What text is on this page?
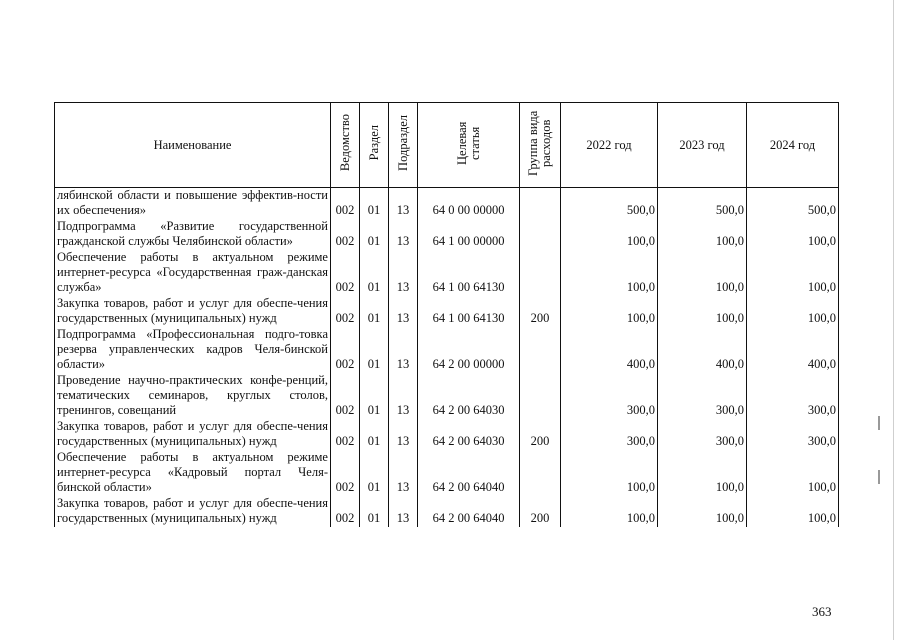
Наименование	Ведомство	Раздел	Подраздел	Целевая статья	Группа вида расходов	2022 год	2023 год	2024 год
лябинской области и повышение эффектив-ности их обеспечения»	002	01	13	64 0 00 00000		500,0	500,0	500,0
Подпрограмма «Развитие государственной гражданской службы Челябинской области»	002	01	13	64 1 00 00000		100,0	100,0	100,0
Обеспечение работы в актуальном режиме интернет-ресурса «Государственная граж-данская служба»	002	01	13	64 1 00 64130		100,0	100,0	100,0
Закупка товаров, работ и услуг для обеспе-чения государственных (муниципальных) нужд	002	01	13	64 1 00 64130	200	100,0	100,0	100,0
Подпрограмма «Профессиональная подго-товка резерва управленческих кадров Челя-бинской области»	002	01	13	64 2 00 00000		400,0	400,0	400,0
Проведение научно-практических конфе-ренций, тематических семинаров, круглых столов, тренингов, совещаний	002	01	13	64 2 00 64030		300,0	300,0	300,0
Закупка товаров, работ и услуг для обеспе-чения государственных (муниципальных) нужд	002	01	13	64 2 00 64030	200	300,0	300,0	300,0
Обеспечение работы в актуальном режиме интернет-ресурса «Кадровый портал Челя-бинской области»	002	01	13	64 2 00 64040		100,0	100,0	100,0
Закупка товаров, работ и услуг для обеспе-чения государственных (муниципальных) нужд	002	01	13	64 2 00 64040	200	100,0	100,0	100,0
363
